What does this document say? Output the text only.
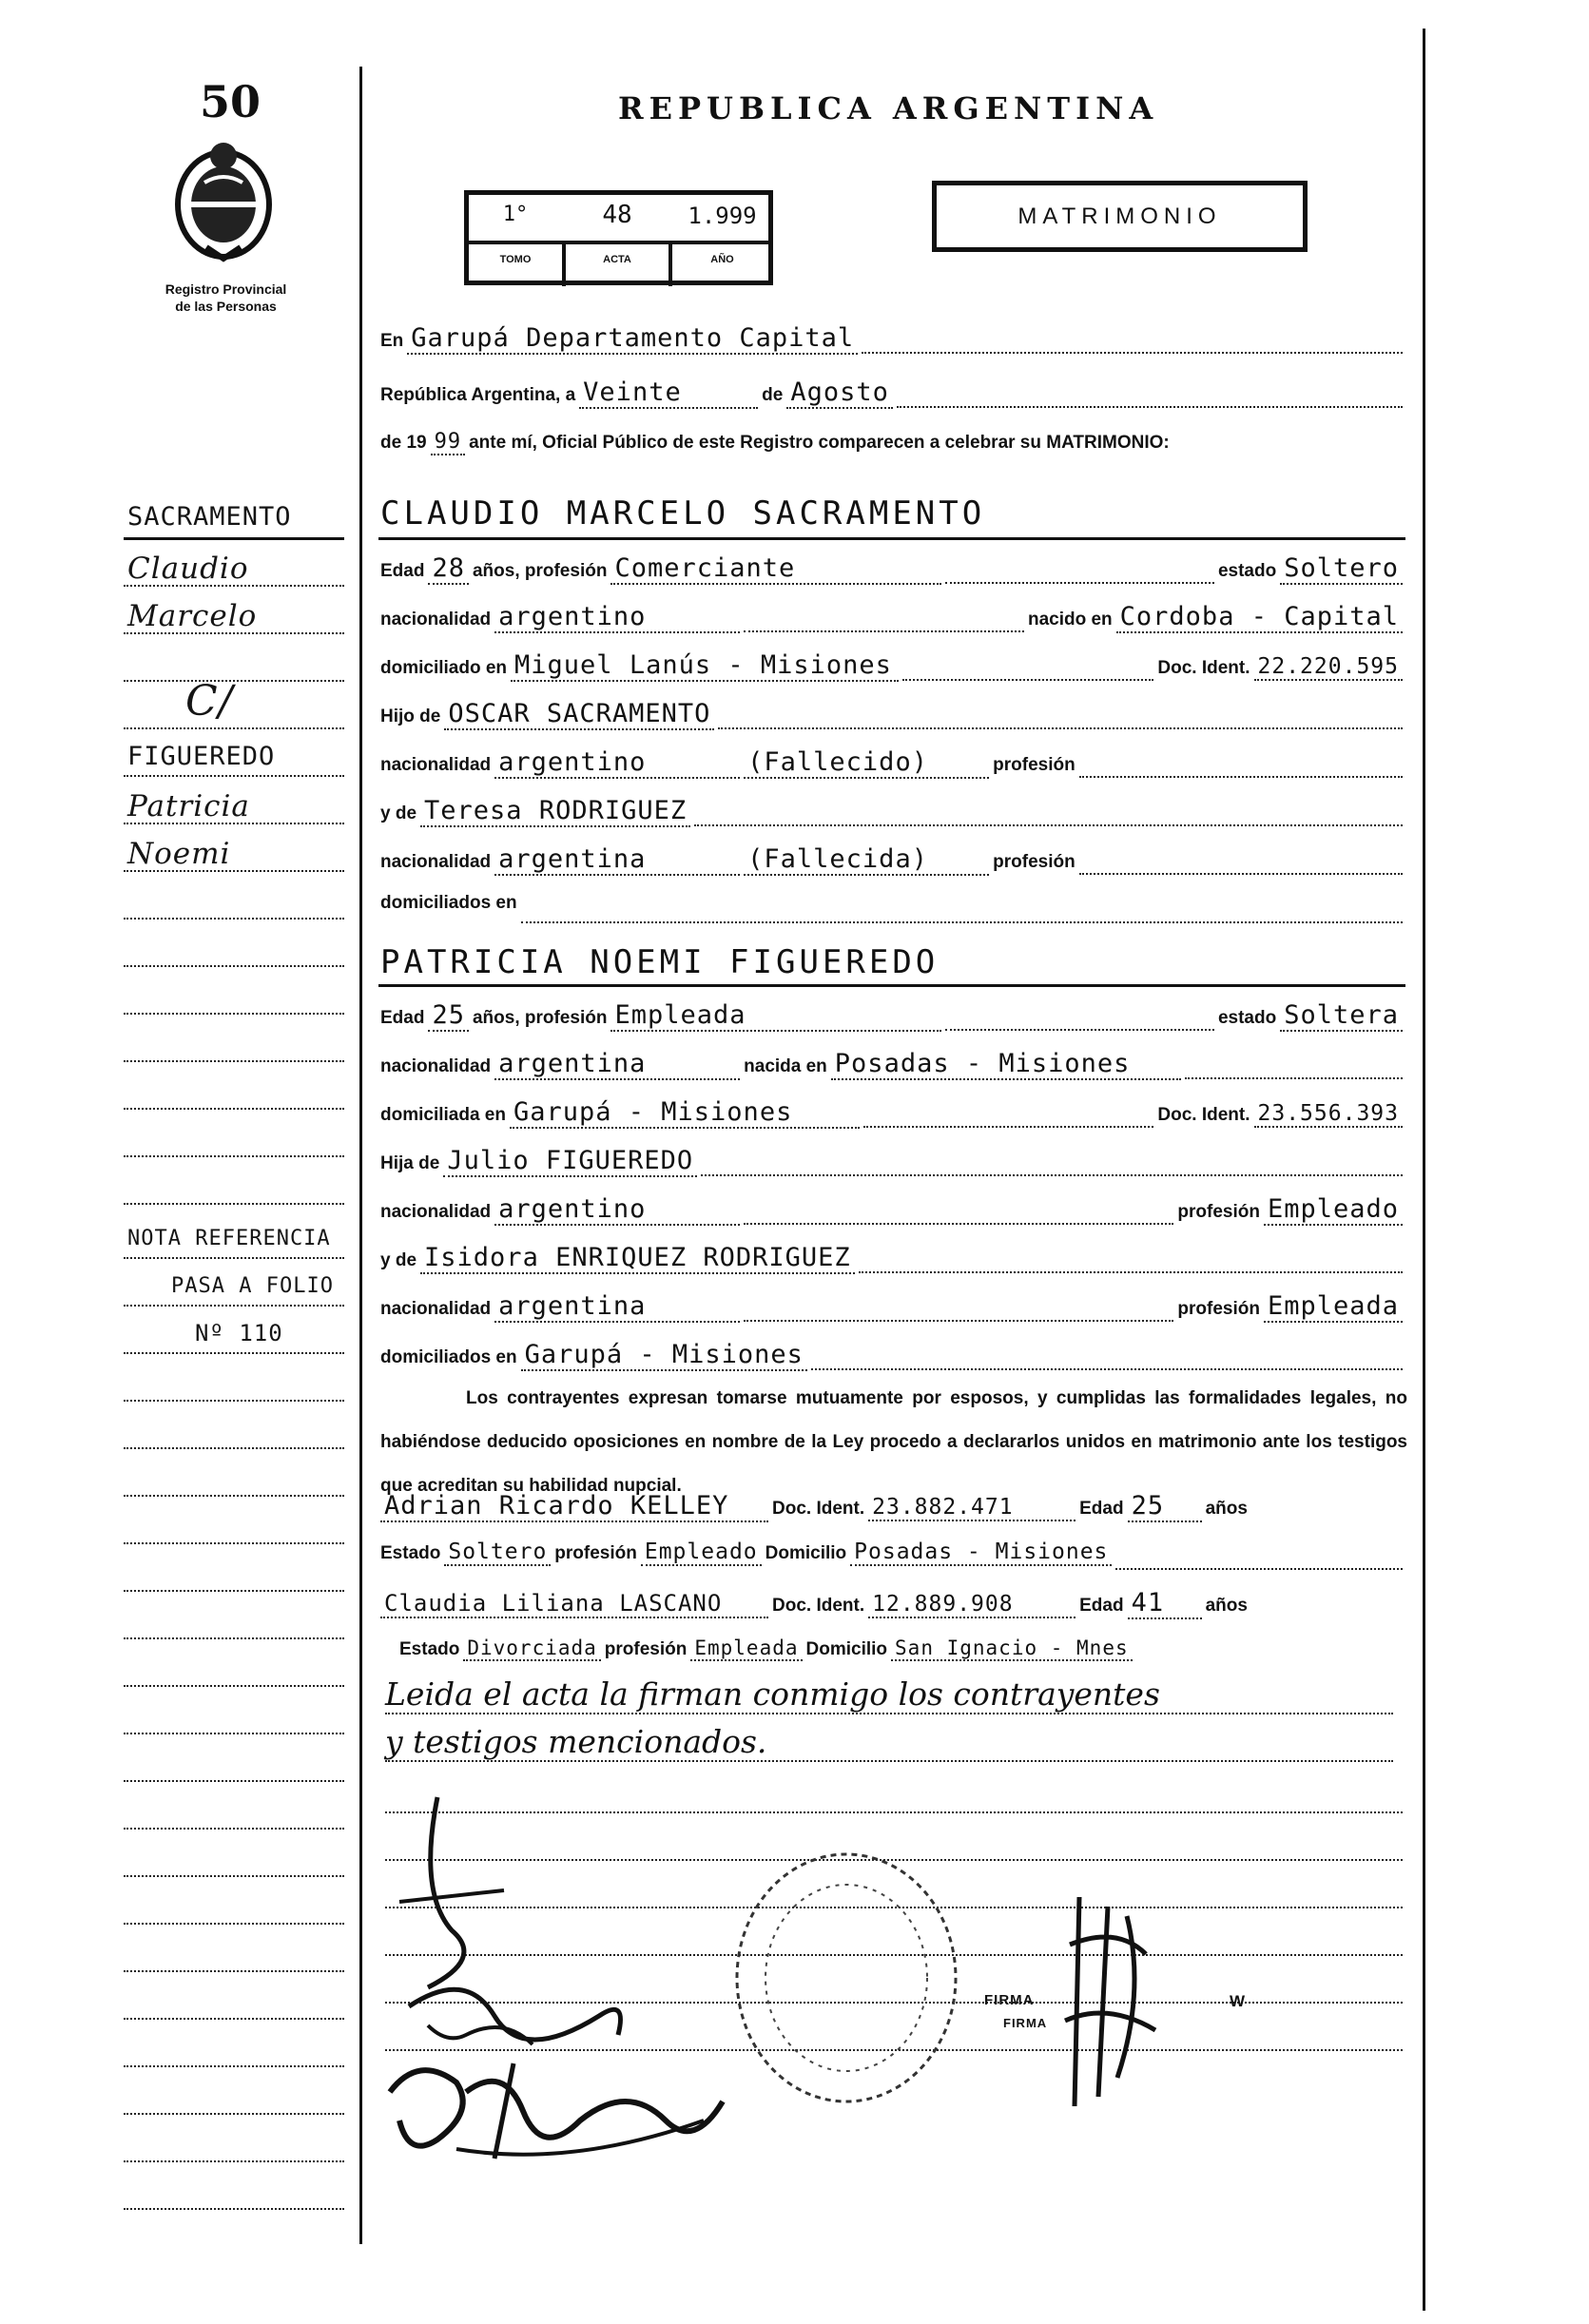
50
Registro Provincial
de las Personas
REPUBLICA ARGENTINA
MATRIMONIO
1°
TOMO
48
ACTA
1.999
AÑO
En Garupá Departamento Capital
República Argentina, a Veinte	de Agosto
de 19 99 ante mí, Oficial Público de este Registro comparecen a celebrar su MATRIMONIO:
CLAUDIO MARCELO SACRAMENTO
Edad 28 años, profesión Comerciante	estado Soltero
nacionalidad argentino	nacido en Cordoba - Capital
domiciliado en Miguel Lanús - Misiones	Doc. Ident. 22.220.595
Hijo de OSCAR SACRAMENTO
nacionalidad argentino	(Fallecido)	profesión
y de Teresa RODRIGUEZ
nacionalidad argentina	(Fallecida)	profesión
domiciliados en
PATRICIA NOEMI FIGUEREDO
Edad 25 años, profesión Empleada	estado Soltera
nacionalidad argentina	nacida en Posadas - Misiones
domiciliada en Garupá - Misiones	Doc. Ident. 23.556.393
Hija de Julio FIGUEREDO
nacionalidad argentino	profesión Empleado
y de Isidora ENRIQUEZ RODRIGUEZ
nacionalidad argentina	profesión Empleada
domiciliados en Garupá - Misiones
Los contrayentes expresan tomarse mutuamente por esposos, y cumplidas las formalidades legales, no habiéndose deducido oposiciones en nombre de la Ley procedo a declararlos unidos en matrimonio ante los testigos que acreditan su habilidad nupcial.
Adrian Ricardo KELLEY	Doc. Ident. 23.882.471	Edad 25	años
Estado Soltero profesión Empleado Domicilio Posadas - Misiones
Claudia Liliana LASCANO	Doc. Ident. 12.889.908	Edad 41	años
Estado Divorciada profesión Empleada Domicilio San Ignacio - Mnes
Leida el acta la firman conmigo los contrayentes
y testigos mencionados.
FIRMA
FIRMA
W
SACRAMENTO
Claudio
Marcelo
C/
FIGUEREDO
Patricia
Noemi
NOTA REFERENCIA
PASA A FOLIO
Nº 110
